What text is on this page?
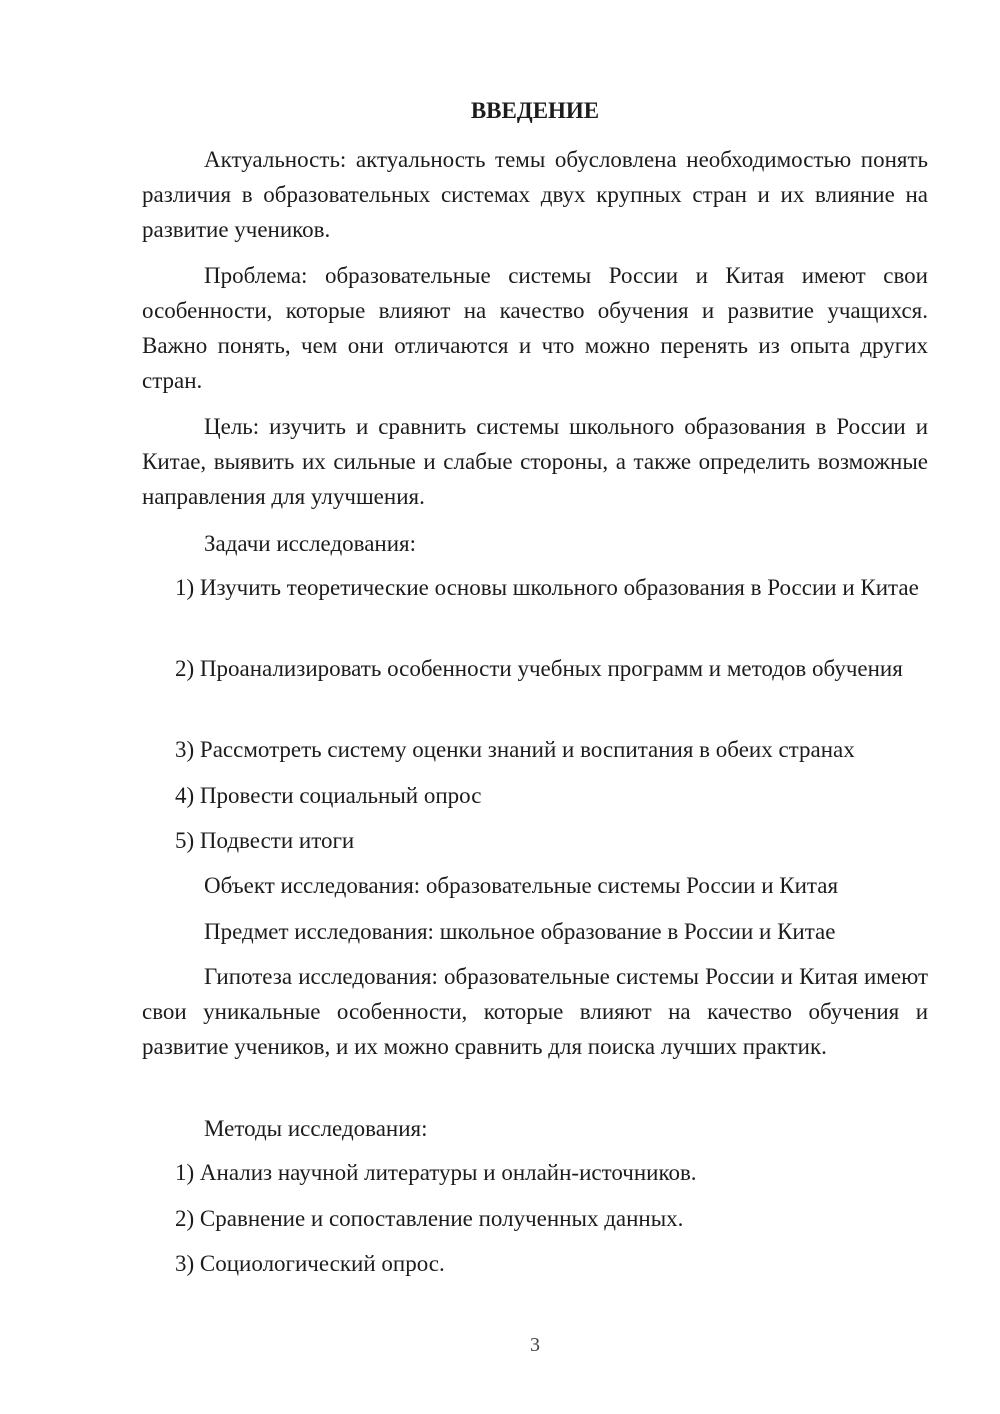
ВВЕДЕНИЕ

Актуальность: актуальность темы обусловлена необходимостью понять различия в образовательных системах двух крупных стран и их влияние на развитие учеников.

Проблема: образовательные системы России и Китая имеют свои особенности, которые влияют на качество обучения и развитие учащихся. Важно понять, чем они отличаются и что можно перенять из опыта других стран.

Цель: изучить и сравнить системы школьного образования в России и Китае, выявить их сильные и слабые стороны, а также определить возможные направления для улучшения.

Задачи исследования:

1) Изучить теоретические основы школьного образования в России и Китае

2) Проанализировать особенности учебных программ и методов обучения

3) Рассмотреть систему оценки знаний и воспитания в обеих странах

4) Провести социальный опрос

5) Подвести итоги

Объект исследования: образовательные системы России и Китая

Предмет исследования: школьное образование в России и Китае

Гипотеза исследования: образовательные системы России и Китая имеют свои уникальные особенности, которые влияют на качество обучения и развитие учеников, и их можно сравнить для поиска лучших практик.

Методы исследования:

1) Анализ научной литературы и онлайн-источников.

2) Сравнение и сопоставление полученных данных.

3) Социологический опрос.

3
